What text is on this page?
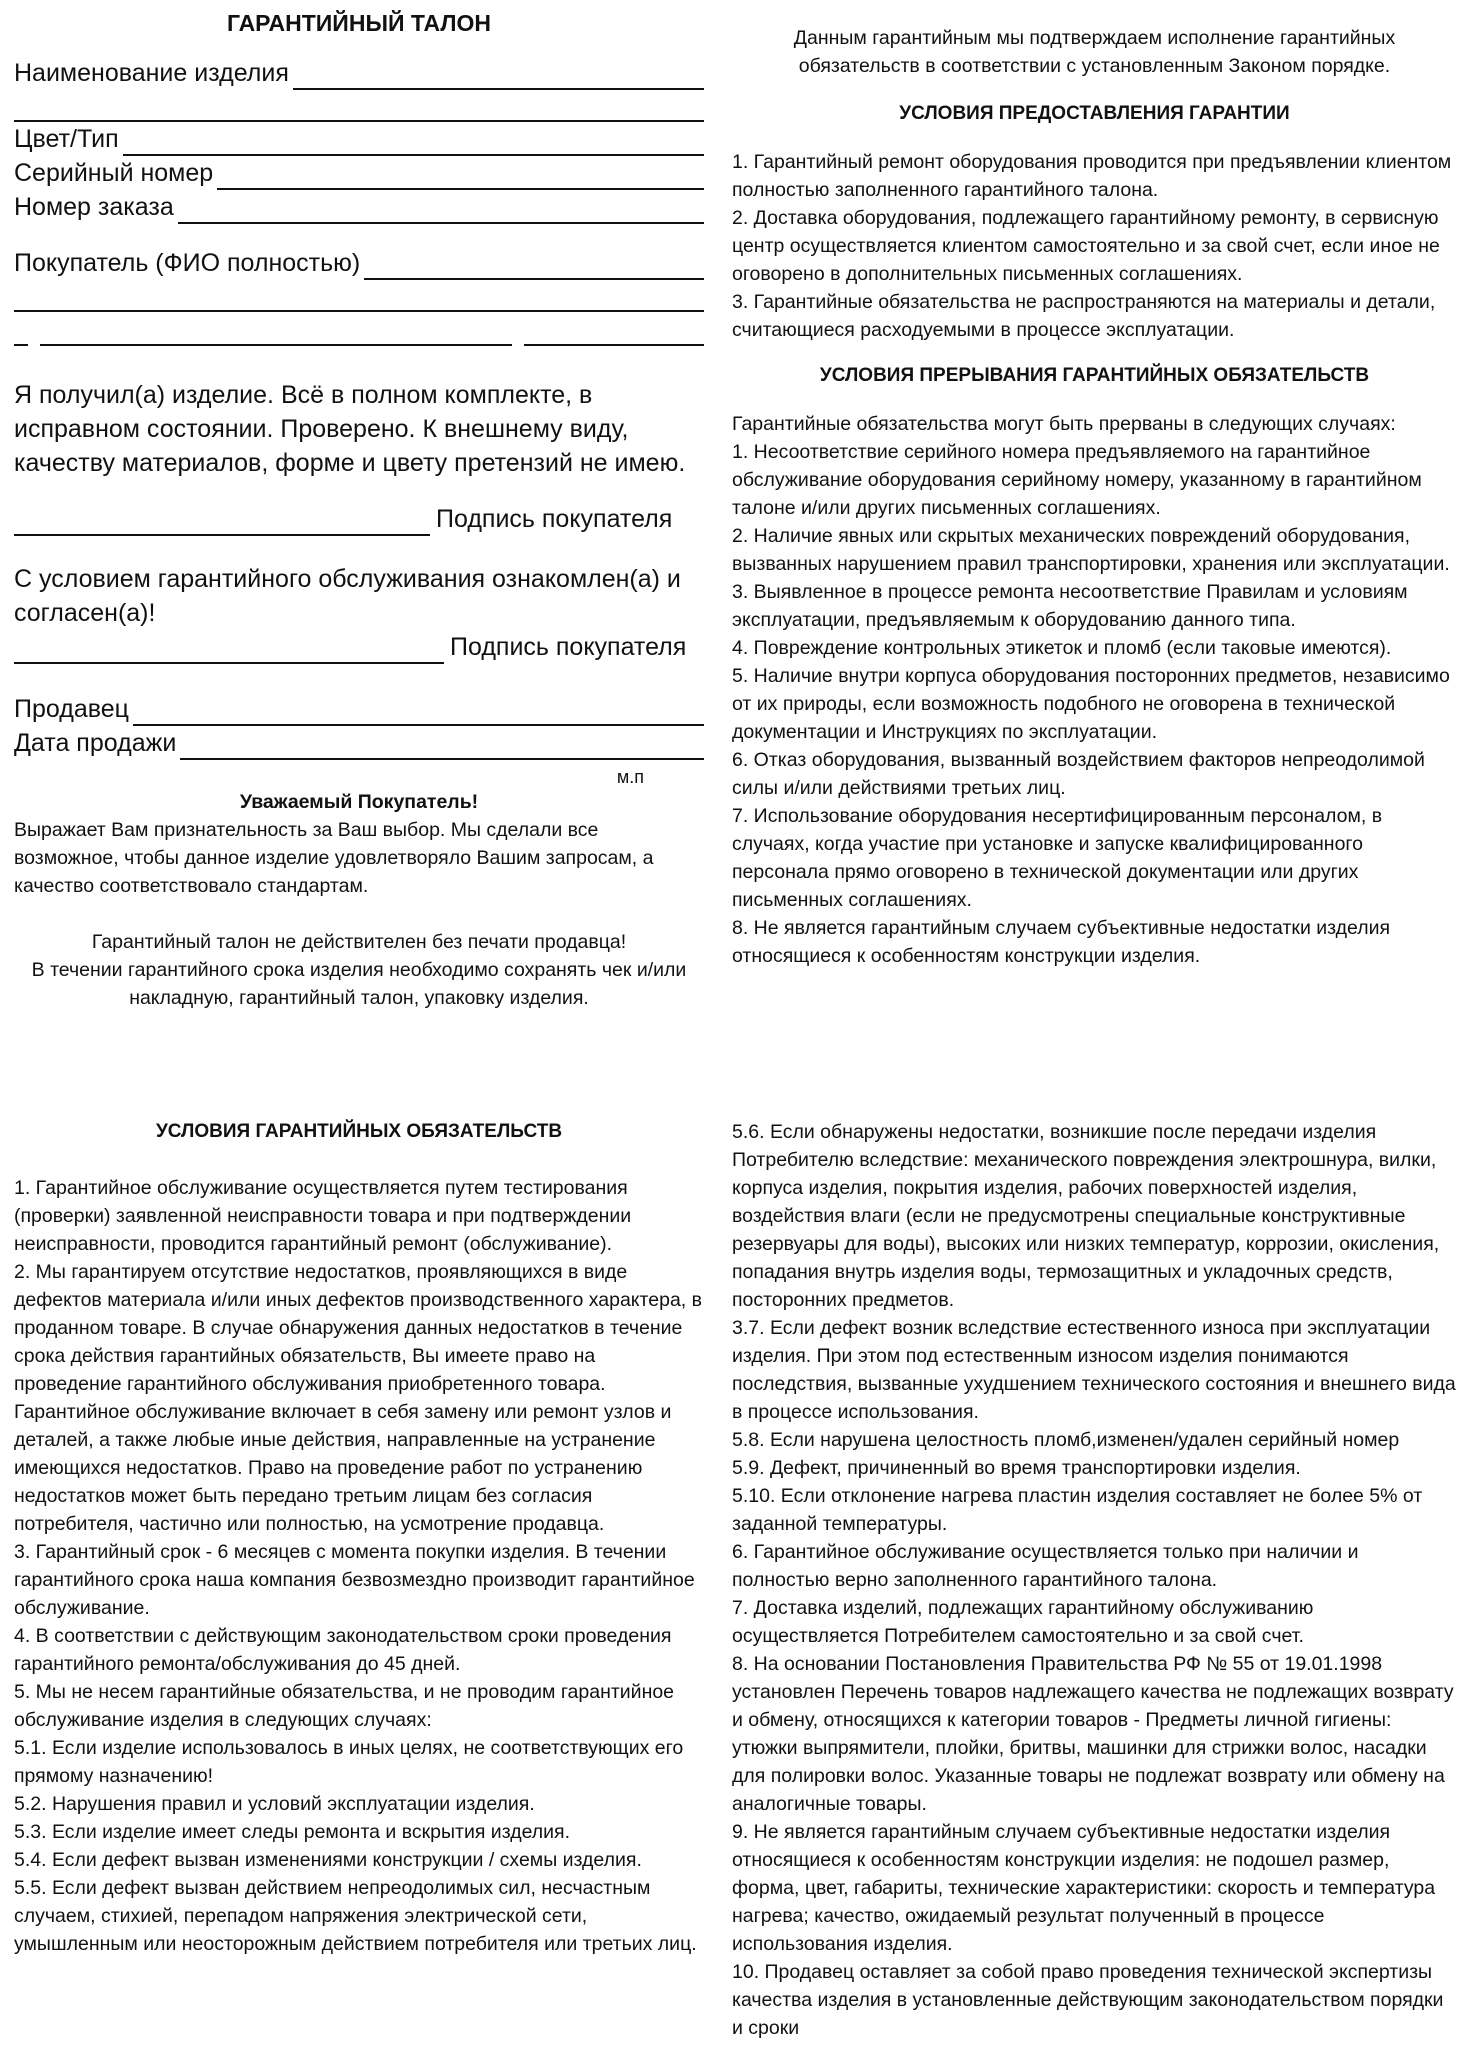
ГАРАНТИЙНЫЙ ТАЛОН
Наименование изделия
Цвет/Тип
Серийный номер
Номер заказа
Покупатель (ФИО полностью)

Я получил(а) изделие. Всё в полном комплекте, в исправном состоянии. Проверено. К внешнему виду, качеству материалов, форме и цвету претензий не имею.

Подпись покупателя

С условием гарантийного обслуживания ознакомлен(а) и согласен(а)!

Подпись покупателя
Продавец
Дата продажи
м.п
Уважаемый Покупатель!

Выражает Вам признательность за Ваш выбор. Мы сделали все возможное, чтобы данное изделие удовлетворяло Вашим запросам, а качество соответствовало стандартам.

Гарантийный талон не действителен без печати продавца!

В течении гарантийного срока изделия необходимо сохранять чек и/или накладную, гарантийный талон, упаковку изделия.

Данным гарантийным мы подтверждаем исполнение гарантийных обязательств в соответствии с установленным Законом порядке.

УСЛОВИЯ ПРЕДОСТАВЛЕНИЯ ГАРАНТИИ

1. Гарантийный ремонт оборудования проводится при предъявлении клиентом полностью заполненного гарантийного талона.

2. Доставка оборудования, подлежащего гарантийному ремонту, в сервисную центр осуществляется клиентом самостоятельно и за свой счет, если иное не оговорено в дополнительных письменных соглашениях.

3. Гарантийные обязательства не распространяются на материалы и детали, считающиеся расходуемыми в процессе эксплуатации.

УСЛОВИЯ ПРЕРЫВАНИЯ ГАРАНТИЙНЫХ ОБЯЗАТЕЛЬСТВ

Гарантийные обязательства могут быть прерваны в следующих случаях:

1. Несоответствие серийного номера предъявляемого на гарантийное обслуживание оборудования серийному номеру, указанному в гарантийном талоне и/или других письменных соглашениях.

2. Наличие явных или скрытых механических повреждений оборудования, вызванных нарушением правил транспортировки, хранения или эксплуатации.

3. Выявленное в процессе ремонта несоответствие Правилам и условиям эксплуатации, предъявляемым к оборудованию данного типа.

4. Повреждение контрольных этикеток и пломб (если таковые имеются).

5. Наличие внутри корпуса оборудования посторонних предметов, независимо от их природы, если возможность подобного не оговорена в технической документации и Инструкциях по эксплуатации.

6. Отказ оборудования, вызванный воздействием факторов непреодолимой силы и/или действиями третьих лиц.

7. Использование оборудования несертифицированным персоналом, в случаях, когда участие при установке и запуске квалифицированного персонала прямо оговорено в технической документации или других письменных соглашениях.

8. Не является гарантийным случаем субъективные недостатки изделия относящиеся к особенностям конструкции изделия.

УСЛОВИЯ ГАРАНТИЙНЫХ ОБЯЗАТЕЛЬСТВ

1. Гарантийное обслуживание осуществляется путем тестирования (проверки) заявленной неисправности товара и при подтверждении неисправности, проводится гарантийный ремонт (обслуживание).

2. Мы гарантируем отсутствие недостатков, проявляющихся в виде дефектов материала и/или иных дефектов производственного характера, в проданном товаре. В случае обнаружения данных недостатков в течение срока действия гарантийных обязательств, Вы имеете право на проведение гарантийного обслуживания приобретенного товара. Гарантийное обслуживание включает в себя замену или ремонт узлов и деталей, а также любые иные действия, направленные на устранение имеющихся недостатков. Право на проведение работ по устранению недостатков может быть передано третьим лицам без согласия потребителя, частично или полностью, на усмотрение продавца.

3. Гарантийный срок - 6 месяцев с момента покупки изделия. В течении гарантийного срока наша компания безвозмездно производит гарантийное обслуживание.

4. В соответствии с действующим законодательством сроки проведения гарантийного ремонта/обслуживания до 45 дней.

5. Мы не несем гарантийные обязательства, и не проводим гарантийное обслуживание изделия в следующих случаях:

5.1. Если изделие использовалось в иных целях, не соответствующих его прямому назначению!

5.2. Нарушения правил и условий эксплуатации изделия.

5.3. Если изделие имеет следы ремонта и вскрытия изделия.

5.4. Если дефект вызван изменениями конструкции / схемы изделия.

5.5. Если дефект вызван действием непреодолимых сил, несчастным случаем, стихией, перепадом напряжения электрической сети, умышленным или неосторожным действием потребителя или третьих лиц.

5.6. Если обнаружены недостатки, возникшие после передачи изделия Потребителю вследствие: механического повреждения электрошнура, вилки, корпуса изделия, покрытия изделия, рабочих поверхностей изделия, воздействия влаги (если не предусмотрены специальные конструктивные резервуары для воды), высоких или низких температур, коррозии, окисления, попадания внутрь изделия воды, термозащитных и укладочных средств, посторонних предметов.

3.7. Если дефект возник вследствие естественного износа при эксплуатации изделия. При этом под естественным износом изделия понимаются последствия, вызванные ухудшением технического состояния и внешнего вида в процессе использования.

5.8. Если нарушена целостность пломб,изменен/удален серийный номер

5.9. Дефект, причиненный во время транспортировки изделия.

5.10. Если отклонение нагрева пластин изделия составляет не более 5% от заданной температуры.

6. Гарантийное обслуживание осуществляется только при наличии и полностью верно заполненного гарантийного талона.

7. Доставка изделий, подлежащих гарантийному обслуживанию осуществляется Потребителем самостоятельно и за свой счет.

8. На основании Постановления Правительства РФ № 55 от 19.01.1998 установлен Перечень товаров надлежащего качества не подлежащих возврату и обмену, относящихся к категории товаров - Предметы личной гигиены: утюжки выпрямители, плойки, бритвы, машинки для стрижки волос, насадки для полировки волос. Указанные товары не подлежат возврату или обмену на аналогичные товары.

9. Не является гарантийным случаем субъективные недостатки изделия относящиеся к особенностям конструкции изделия: не подошел размер, форма, цвет, габариты, технические характеристики: скорость и температура нагрева; качество, ожидаемый результат полученный в процессе использования изделия.

10. Продавец оставляет за собой право проведения технической экспертизы качества изделия в установленные действующим законодательством порядки и сроки
